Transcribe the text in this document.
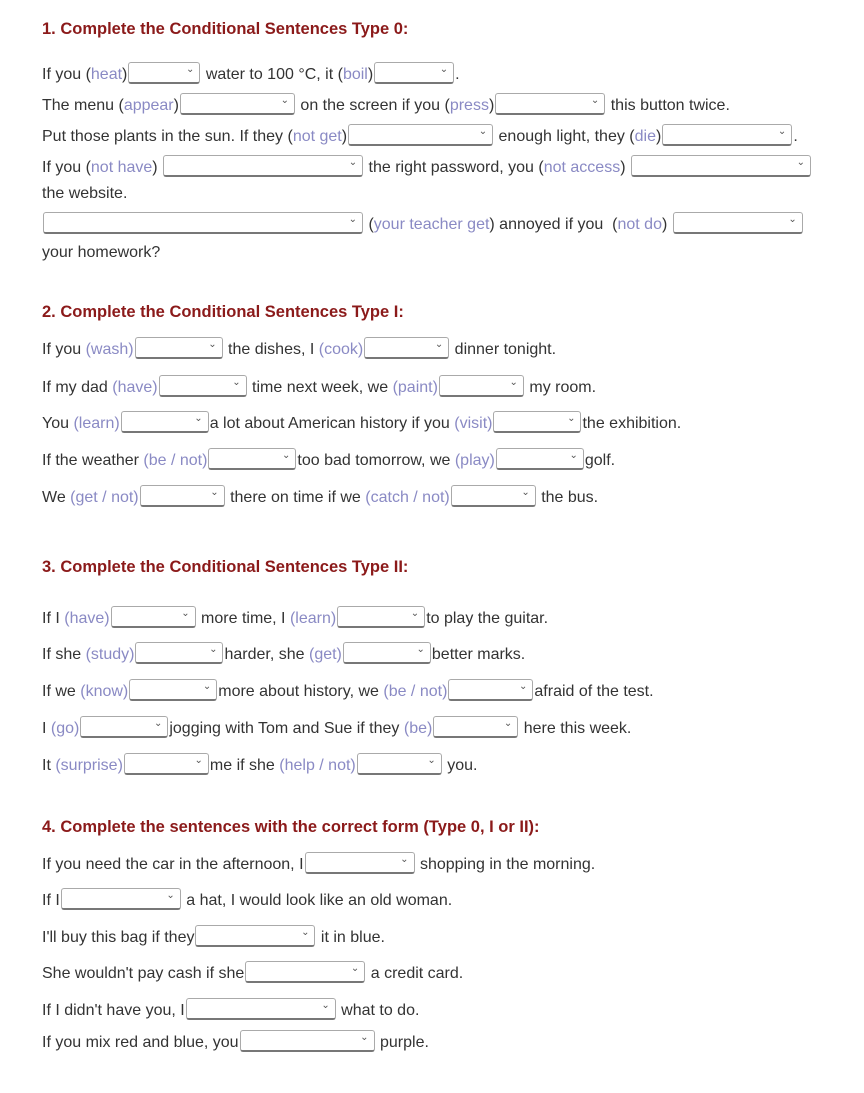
1. Complete the Conditional Sentences Type 0:
If you ( heat )	⌄ water to 100 °C, it ( boil )	⌄ .
The menu ( appear )	⌄ on the screen if you ( press )	⌄ this button twice.
Put those plants in the sun. If they ( not get )	⌄ enough light, they ( die )	⌄ .
If you ( not have )	⌄ the right password, you ( not access )	⌄
the website.
⌄ ( your teacher get ) annoyed if you  ( not do )	⌄
your homework?
2. Complete the Conditional Sentences Type I:
If you (wash)	⌄ the dishes, I (cook)	⌄ dinner tonight.
If my dad (have)	⌄ time next week, we (paint)	⌄ my room.
You (learn)	⌄ a lot about American history if you (visit)	⌄ the exhibition.
If the weather (be / not)	⌄ too bad tomorrow, we (play)	⌄ golf.
We (get / not)	⌄ there on time if we (catch / not)	⌄ the bus.
3. Complete the Conditional Sentences Type II:
If I (have)	⌄ more time, I (learn)	⌄ to play the guitar.
If she (study)	⌄ harder, she (get)	⌄ better marks.
If we (know)	⌄ more about history, we (be / not)	⌄ afraid of the test.
I (go)	⌄ jogging with Tom and Sue if they (be)	⌄ here this week.
It (surprise)	⌄ me if she (help / not)	⌄ you.
4. Complete the sentences with the correct form (Type 0, I or II):
If you need the car in the afternoon, I	⌄ shopping in the morning.
If I	⌄ a hat, I would look like an old woman.
I'll buy this bag if they	⌄ it in blue.
She wouldn't pay cash if she	⌄ a credit card.
If I didn't have you, I	⌄ what to do.
If you mix red and blue, you	⌄ purple.
